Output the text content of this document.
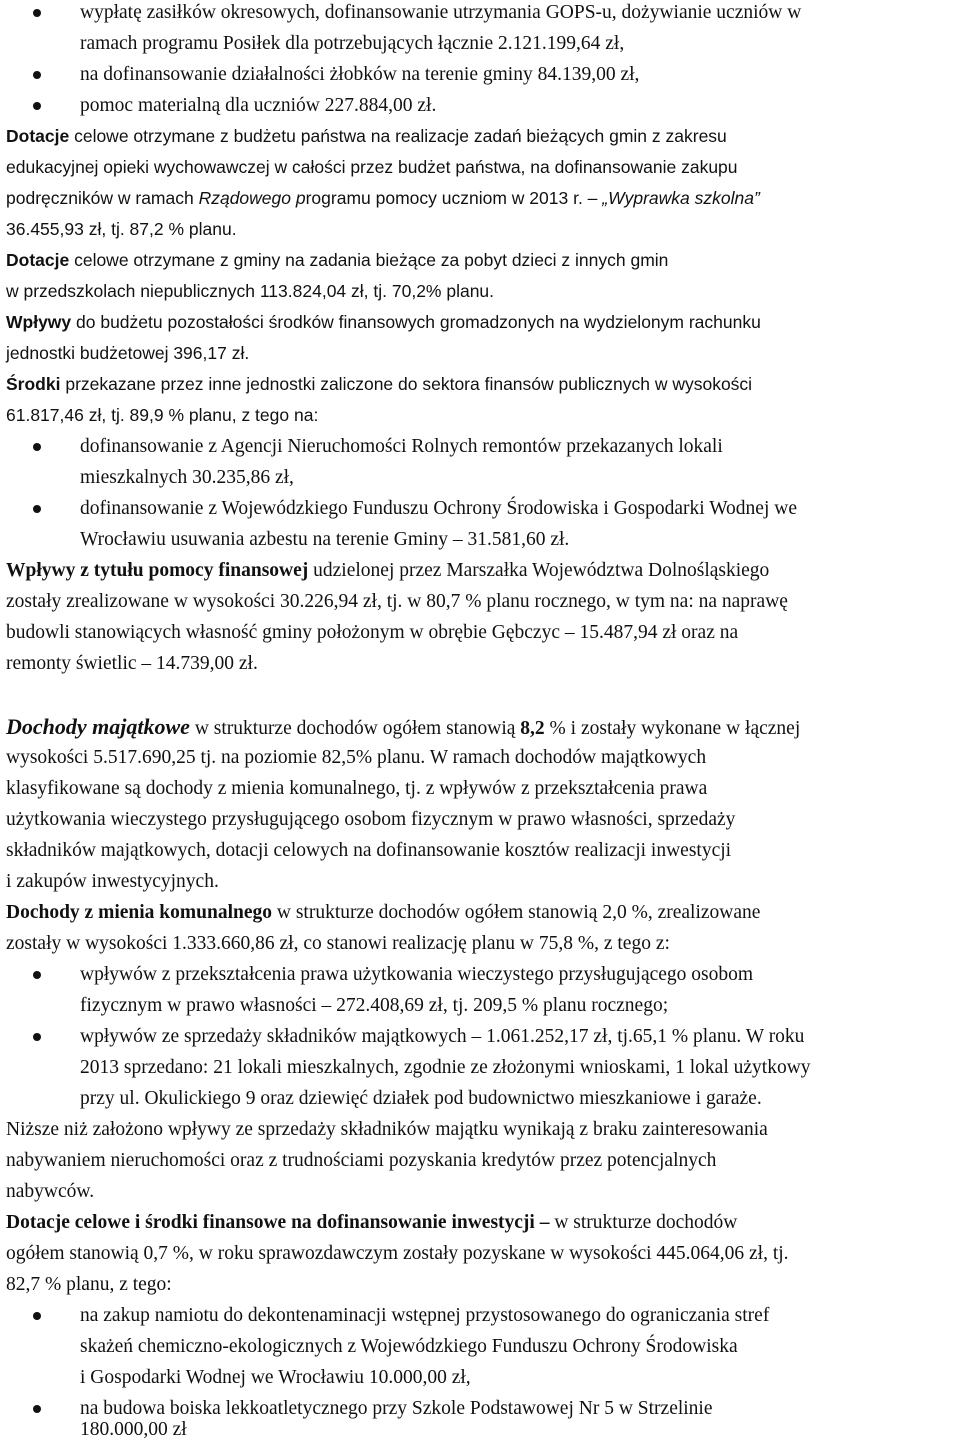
wypłatę zasiłków okresowych, dofinansowanie utrzymania GOPS-u, dożywianie uczniów w
ramach programu Posiłek dla potrzebujących łącznie 2.121.199,64 zł,
na dofinansowanie działalności żłobków na terenie gminy 84.139,00 zł,
pomoc materialną dla uczniów 227.884,00 zł.
Dotacje celowe otrzymane z budżetu państwa na realizacje zadań bieżących gmin z zakresu
edukacyjnej opieki wychowawczej w całości przez budżet państwa, na dofinansowanie zakupu
podręczników w ramach Rządowego programu pomocy uczniom w 2013 r. – „Wyprawka szkolna”
36.455,93 zł, tj. 87,2 % planu.
Dotacje celowe otrzymane z gminy na zadania bieżące za pobyt dzieci z innych gmin
w przedszkolach niepublicznych 113.824,04 zł, tj. 70,2% planu.
Wpływy do budżetu pozostałości środków finansowych gromadzonych na wydzielonym rachunku
jednostki budżetowej 396,17 zł.
Środki przekazane przez inne jednostki zaliczone do sektora finansów publicznych w wysokości
61.817,46 zł, tj. 89,9 % planu, z tego na:
dofinansowanie z Agencji Nieruchomości Rolnych remontów przekazanych lokali
mieszkalnych 30.235,86 zł,
dofinansowanie z Wojewódzkiego Funduszu Ochrony Środowiska i Gospodarki Wodnej we
Wrocławiu usuwania azbestu na terenie Gminy – 31.581,60 zł.
Wpływy z tytułu pomocy finansowej udzielonej przez Marszałka Województwa Dolnośląskiego
zostały zrealizowane w wysokości 30.226,94 zł, tj. w 80,7 % planu rocznego, w tym na: na naprawę
budowli stanowiących własność gminy położonym w obrębie Gębczyc – 15.487,94 zł oraz na
remonty świetlic – 14.739,00 zł.
Dochody majątkowe w strukturze dochodów ogółem stanowią 8,2 % i zostały wykonane w łącznej
wysokości 5.517.690,25 tj. na poziomie 82,5% planu. W ramach dochodów majątkowych
klasyfikowane są dochody z mienia komunalnego, tj. z wpływów z przekształcenia prawa
użytkowania wieczystego przysługującego osobom fizycznym w prawo własności, sprzedaży
składników majątkowych, dotacji celowych na dofinansowanie kosztów realizacji inwestycji
i zakupów inwestycyjnych.
Dochody z mienia komunalnego w strukturze dochodów ogółem stanowią 2,0 %, zrealizowane
zostały w wysokości 1.333.660,86 zł, co stanowi realizację planu w 75,8 %, z tego z:
wpływów z przekształcenia prawa użytkowania wieczystego przysługującego osobom
fizycznym w prawo własności – 272.408,69 zł, tj. 209,5 % planu rocznego;
wpływów ze sprzedaży składników majątkowych – 1.061.252,17 zł, tj.65,1 % planu. W roku
2013 sprzedano: 21 lokali mieszkalnych, zgodnie ze złożonymi wnioskami, 1 lokal użytkowy
przy ul. Okulickiego 9 oraz dziewięć działek pod budownictwo mieszkaniowe i garaże.
Niższe niż założono wpływy ze sprzedaży składników majątku wynikają z braku zainteresowania
nabywaniem nieruchomości oraz z trudnościami pozyskania kredytów przez potencjalnych
nabywców.
Dotacje celowe i środki finansowe na dofinansowanie inwestycji – w strukturze dochodów
ogółem stanowią 0,7 %, w roku sprawozdawczym zostały pozyskane w wysokości 445.064,06 zł, tj.
82,7 % planu, z tego:
na zakup namiotu do dekontenaminacji wstępnej przystosowanego do ograniczania stref
skażeń chemiczno-ekologicznych z Wojewódzkiego Funduszu Ochrony Środowiska
i Gospodarki Wodnej we Wrocławiu 10.000,00 zł,
na budowa boiska lekkoatletycznego przy Szkole Podstawowej Nr 5 w Strzelinie
180.000,00 zł
